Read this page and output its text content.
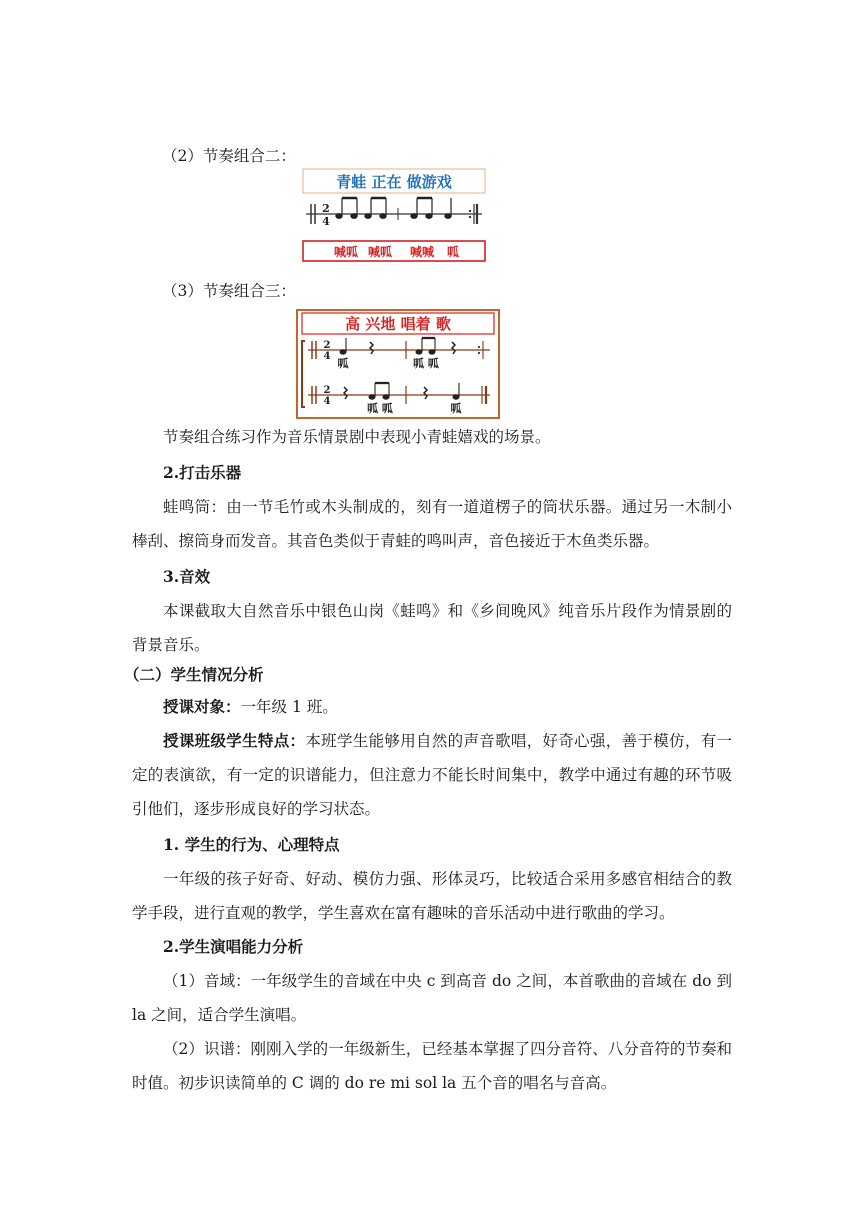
（2）节奏组合二：
青蛙 正在 做游戏
2
4
喊呱 喊呱 喊喊 呱
（3）节奏组合三：
高 兴地 唱着 歌
2
4
呱	呱 呱
2
4
呱 呱	呱
节奏组合练习作为音乐情景剧中表现小青蛙嬉戏的场景。
2.打击乐器
蛙鸣筒：由一节毛竹或木头制成的，刻有一道道楞子的筒状乐器。通过另一木制小棒刮、擦筒身而发音。其音色类似于青蛙的鸣叫声，音色接近于木鱼类乐器。
3.音效
本课截取大自然音乐中银色山岗《蛙鸣》和《乡间晚风》纯音乐片段作为情景剧的背景音乐。
（二）学生情况分析
授课对象：一年级 1 班。
授课班级学生特点：本班学生能够用自然的声音歌唱，好奇心强，善于模仿，有一定的表演欲，有一定的识谱能力，但注意力不能长时间集中，教学中通过有趣的环节吸引他们，逐步形成良好的学习状态。
1. 学生的行为、心理特点
一年级的孩子好奇、好动、模仿力强、形体灵巧，比较适合采用多感官相结合的教学手段，进行直观的教学，学生喜欢在富有趣味的音乐活动中进行歌曲的学习。
2.学生演唱能力分析
（1）音域：一年级学生的音域在中央 c 到高音 do 之间，本首歌曲的音域在 do 到 la 之间，适合学生演唱。
（2）识谱：刚刚入学的一年级新生，已经基本掌握了四分音符、八分音符的节奏和时值。初步识读简单的 C 调的 do re mi sol la 五个音的唱名与音高。
